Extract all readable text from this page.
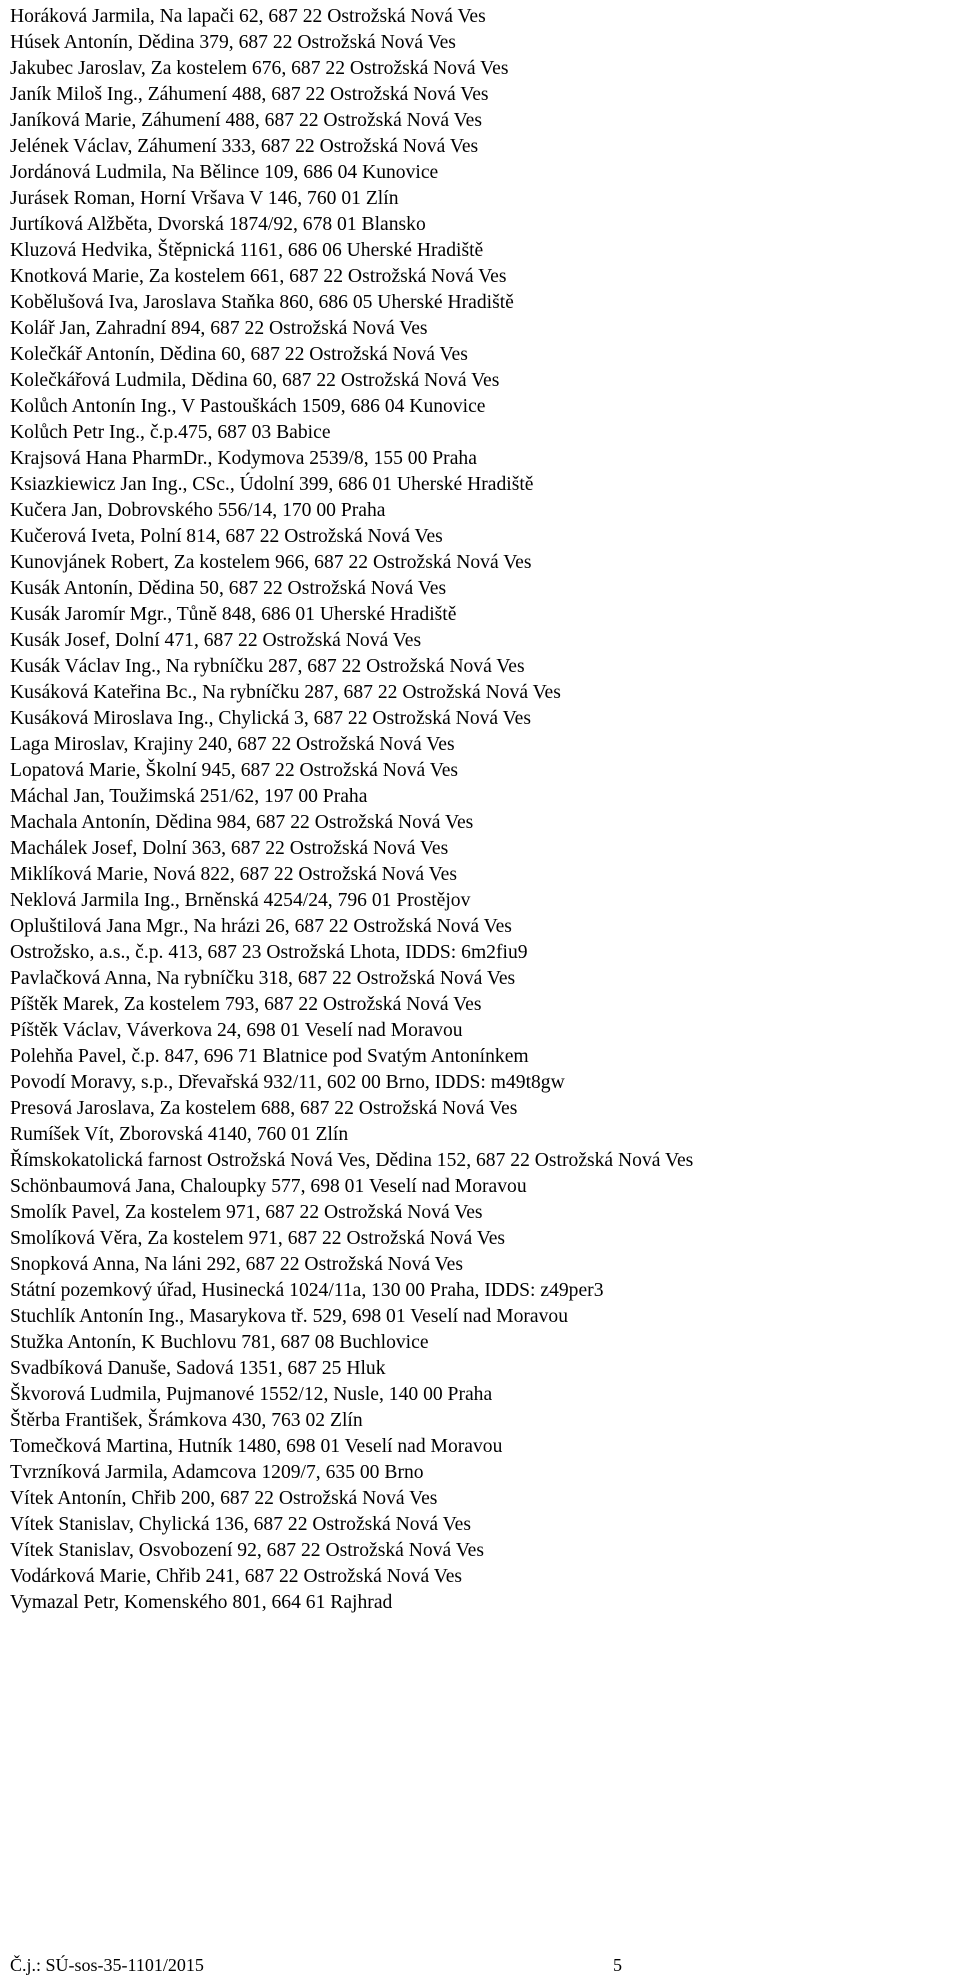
Horáková Jarmila, Na lapači 62, 687 22 Ostrožská Nová Ves
Húsek Antonín, Dědina 379, 687 22 Ostrožská Nová Ves
Jakubec Jaroslav, Za kostelem 676, 687 22 Ostrožská Nová Ves
Janík Miloš Ing., Záhumení 488, 687 22 Ostrožská Nová Ves
Janíková Marie, Záhumení 488, 687 22 Ostrožská Nová Ves
Jelének Václav, Záhumení 333, 687 22 Ostrožská Nová Ves
Jordánová Ludmila, Na Bělince 109, 686 04 Kunovice
Jurásek Roman, Horní Vršava V 146, 760 01 Zlín
Jurtíková Alžběta, Dvorská 1874/92, 678 01 Blansko
Kluzová Hedvika, Štěpnická 1161, 686 06 Uherské Hradiště
Knotková Marie, Za kostelem 661, 687 22 Ostrožská Nová Ves
Kobělušová Iva, Jaroslava Staňka 860, 686 05 Uherské Hradiště
Kolář Jan, Zahradní 894, 687 22 Ostrožská Nová Ves
Kolečkář Antonín, Dědina 60, 687 22 Ostrožská Nová Ves
Kolečkářová Ludmila, Dědina 60, 687 22 Ostrožská Nová Ves
Kolůch Antonín Ing., V Pastouškách 1509, 686 04 Kunovice
Kolůch Petr Ing., č.p.475, 687 03 Babice
Krajsová Hana PharmDr., Kodymova 2539/8, 155 00 Praha
Ksiazkiewicz Jan Ing., CSc., Údolní 399, 686 01 Uherské Hradiště
Kučera Jan, Dobrovského 556/14, 170 00 Praha
Kučerová Iveta, Polní 814, 687 22 Ostrožská Nová Ves
Kunovjánek Robert, Za kostelem 966, 687 22 Ostrožská Nová Ves
Kusák Antonín, Dědina 50, 687 22 Ostrožská Nová Ves
Kusák Jaromír Mgr., Tůně 848, 686 01 Uherské Hradiště
Kusák Josef, Dolní 471, 687 22 Ostrožská Nová Ves
Kusák Václav Ing., Na rybníčku 287, 687 22 Ostrožská Nová Ves
Kusáková Kateřina Bc., Na rybníčku 287, 687 22 Ostrožská Nová Ves
Kusáková Miroslava Ing., Chylická 3, 687 22 Ostrožská Nová Ves
Laga Miroslav, Krajiny 240, 687 22 Ostrožská Nová Ves
Lopatová Marie, Školní 945, 687 22 Ostrožská Nová Ves
Máchal Jan, Toužimská 251/62, 197 00 Praha
Machala Antonín, Dědina 984, 687 22 Ostrožská Nová Ves
Machálek Josef, Dolní 363, 687 22 Ostrožská Nová Ves
Miklíková Marie, Nová 822, 687 22 Ostrožská Nová Ves
Neklová Jarmila Ing., Brněnská 4254/24, 796 01 Prostějov
Opluštilová Jana Mgr., Na hrázi 26, 687 22 Ostrožská Nová Ves
Ostrožsko, a.s., č.p. 413, 687 23 Ostrožská Lhota, IDDS: 6m2fiu9
Pavlačková Anna, Na rybníčku 318, 687 22 Ostrožská Nová Ves
Píštěk Marek, Za kostelem 793, 687 22 Ostrožská Nová Ves
Píštěk Václav, Váverkova 24, 698 01 Veselí nad Moravou
Polehňa Pavel, č.p. 847, 696 71 Blatnice pod Svatým Antonínkem
Povodí Moravy, s.p., Dřevařská 932/11, 602 00 Brno, IDDS: m49t8gw
Presová Jaroslava, Za kostelem 688, 687 22 Ostrožská Nová Ves
Rumíšek Vít, Zborovská 4140, 760 01 Zlín
Římskokatolická farnost Ostrožská Nová Ves, Dědina 152, 687 22 Ostrožská Nová Ves
Schönbaumová Jana, Chaloupky 577, 698 01 Veselí nad Moravou
Smolík Pavel, Za kostelem 971, 687 22 Ostrožská Nová Ves
Smolíková Věra, Za kostelem 971, 687 22 Ostrožská Nová Ves
Snopková Anna, Na láni 292, 687 22 Ostrožská Nová Ves
Státní pozemkový úřad, Husinecká 1024/11a, 130 00 Praha, IDDS: z49per3
Stuchlík Antonín Ing., Masarykova tř. 529, 698 01 Veselí nad Moravou
Stužka Antonín, K Buchlovu 781, 687 08 Buchlovice
Svadbíková Danuše, Sadová 1351, 687 25 Hluk
Škvorová Ludmila, Pujmanové 1552/12, Nusle, 140 00 Praha
Štěrba František, Šrámkova 430, 763 02 Zlín
Tomečková Martina, Hutník 1480, 698 01 Veselí nad Moravou
Tvrzníková Jarmila, Adamcova 1209/7, 635 00 Brno
Vítek Antonín, Chřib 200, 687 22 Ostrožská Nová Ves
Vítek Stanislav, Chylická 136, 687 22 Ostrožská Nová Ves
Vítek Stanislav, Osvobození 92, 687 22 Ostrožská Nová Ves
Vodárková Marie, Chřib 241, 687 22 Ostrožská Nová Ves
Vymazal Petr, Komenského 801, 664 61 Rajhrad
Č.j.: SÚ-sos-35-1101/2015	5
